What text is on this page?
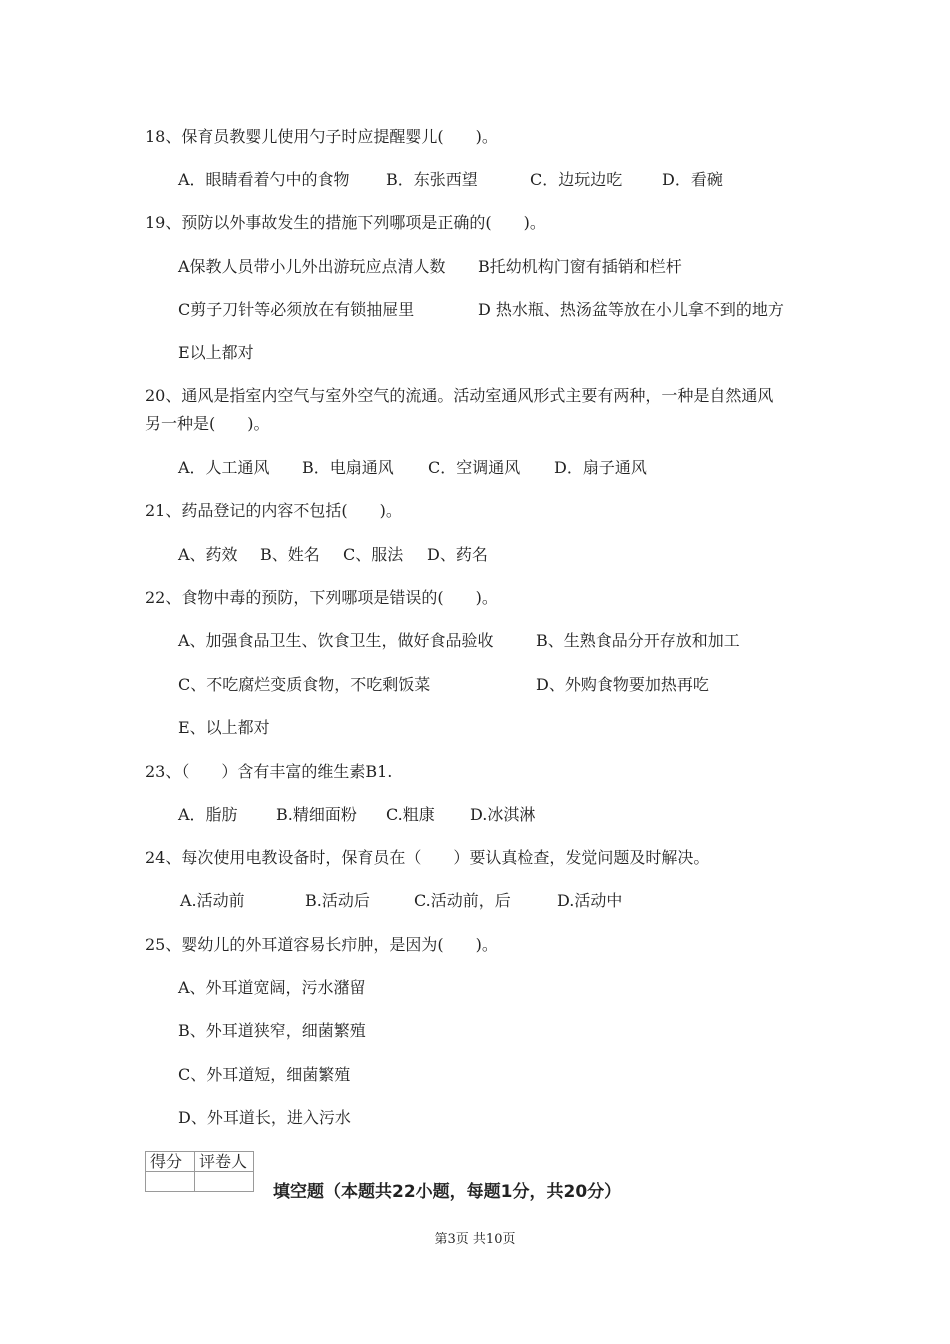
18、保育员教婴儿使用勺子时应提醒婴儿(　　)。
A．眼睛看着勺中的食物 B．东张西望	C．边玩边吃 D．看碗
19、预防以外事故发生的措施下列哪项是正确的(　　)。
A保教人员带小儿外出游玩应点清人数 B托幼机构门窗有插销和栏杆
C剪子刀针等必须放在有锁抽屉里	D 热水瓶、热汤盆等放在小儿拿不到的地方
E以上都对
20、通风是指室内空气与室外空气的流通。活动室通风形式主要有两种，一种是自然通风
另一种是(　　)。
A．人工通风 B．电扇通风 C．空调通风 D．扇子通风
21、药品登记的内容不包括(　　)。
A、药效 B、姓名 C、服法 D、药名
22、食物中毒的预防，下列哪项是错误的(　　)。
A、加强食品卫生、饮食卫生，做好食品验收	B、生熟食品分开存放和加工
C、不吃腐烂变质食物，不吃剩饭菜	D、外购食物要加热再吃
E、以上都对
23、（　　）含有丰富的维生素B1.
A．脂肪 B.精细面粉 C.粗康 D.冰淇淋
24、每次使用电教设备时，保育员在（　　）要认真检查，发觉问题及时解决。
A.活动前	B.活动后	C.活动前，后	D.活动中
25、婴幼儿的外耳道容易长疖肿，是因为(　　)。
A、外耳道宽阔，污水潴留
B、外耳道狭窄，细菌繁殖
C、外耳道短，细菌繁殖
D、外耳道长，进入污水
得分	评卷人

填空题（本题共22小题，每题1分，共20分）
第3页 共10页
